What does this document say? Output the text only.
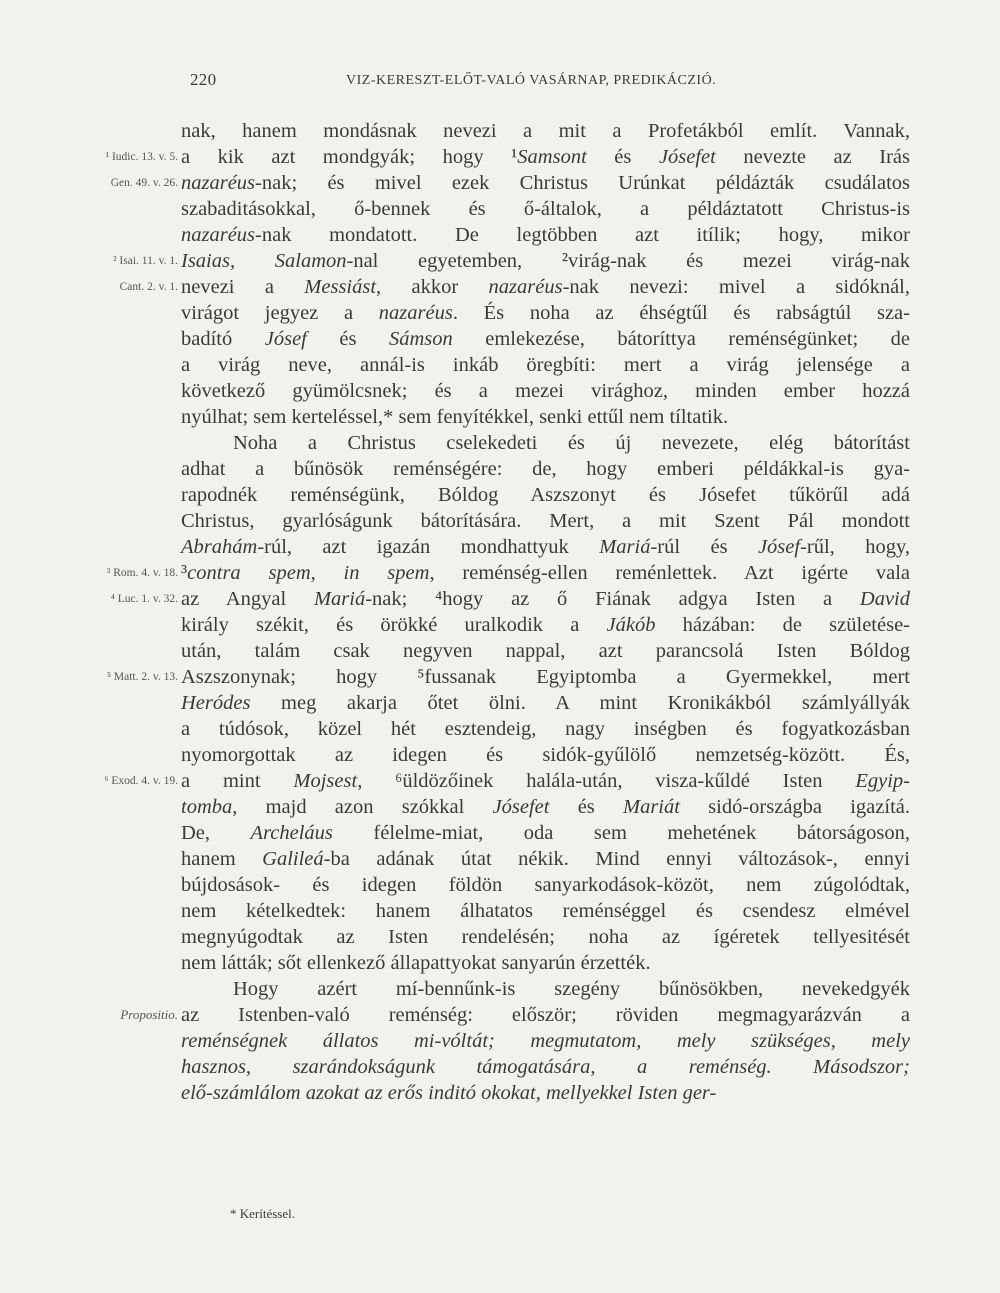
220	VIZ-KERESZT-ELŐT-VALÓ VASÁRNAP, PREDIKÁCZIÓ.
¹ Iudic. 13. v. 5.
Gen. 49. v. 26.
² Isai. 11. v. 1.
Cant. 2. v. 1.
³ Rom. 4. v. 18.
⁴ Luc. 1. v. 32.
⁵ Matt. 2. v. 13.
⁶ Exod. 4. v. 19.
Propositio.
nak, hanem mondásnak nevezi a mit a Profetákból említ. Vannak,
a kik azt mondgyák; hogy ¹Samsont és Jósefet nevezte az Irás
nazaréus-nak; és mivel ezek Christus Urúnkat példázták csudálatos
szabaditásokkal, ő-bennek és ő-általok, a példáztatott Christus-is
nazaréus-nak mondatott. De legtöbben azt itílik; hogy, mikor
Isaias, Salamon-nal egyetemben, ²virág-nak és mezei virág-nak
nevezi a Messiást, akkor nazaréus-nak nevezi: mivel a sidóknál,
virágot jegyez a nazaréus. És noha az éhségtűl és rabságtúl sza-
badító Jósef és Sámson emlekezése, bátoríttya reménségünket; de
a virág neve, annál-is inkáb öregbíti: mert a virág jelensége a
következő gyümölcsnek; és a mezei virághoz, minden ember hozzá
nyúlhat; sem kerteléssel,* sem fenyítékkel, senki ettűl nem tíltatik.
Noha a Christus cselekedeti és új nevezete, elég bátorítást
adhat a bűnösök reménségére: de, hogy emberi példákkal-is gya-
rapodnék reménségünk, Bóldog Aszszonyt és Jósefet tűkörűl adá
Christus, gyarlóságunk bátorítására. Mert, a mit Szent Pál mondott
Abrahám-rúl, azt igazán mondhattyuk Mariá-rúl és Jósef-rűl, hogy,
³contra spem, in spem, reménség-ellen reménlettek. Azt igérte vala
az Angyal Mariá-nak; ⁴hogy az ő Fiának adgya Isten a David
király székit, és örökké uralkodik a Jákób házában: de születése-
után, talám csak negyven nappal, azt parancsolá Isten Bóldog
Aszszonynak; hogy ⁵fussanak Egyiptomba a Gyermekkel, mert
Heródes meg akarja őtet ölni. A mint Kronikákból számlyállyák
a túdósok, közel hét esztendeig, nagy inségben és fogyatkozásban
nyomorgottak az idegen és sidók-gyűlölő nemzetség-között. És,
a mint Mojsest, ⁶üldözőinek halála-után, visza-kűldé Isten Egyip-
tomba, majd azon szókkal Jósefet és Mariát sidó-országba igazítá.
De, Archeláus félelme-miat, oda sem mehetének bátorságoson,
hanem Galileá-ba adának útat nékik. Mind ennyi változások-, ennyi
bújdosások- és idegen földön sanyarkodások-közöt, nem zúgolódtak,
nem kételkedtek: hanem álhatatos reménséggel és csendesz elmével
megnyúgodtak az Isten rendelésén; noha az ígéretek tellyesitését
nem látták; sőt ellenkező állapattyokat sanyarún érzették.
Hogy azért mí-bennűnk-is szegény bűnösökben, nevekedgyék
az Istenben-való reménség: először; röviden megmagyarázván a
reménségnek állatos mi-vóltát; megmutatom, mely szükséges, mely
hasznos, szarándokságunk támogatására, a reménség. Másodszor;
elő-számlálom azokat az erős inditó okokat, mellyekkel Isten ger-
* Kerítéssel.
